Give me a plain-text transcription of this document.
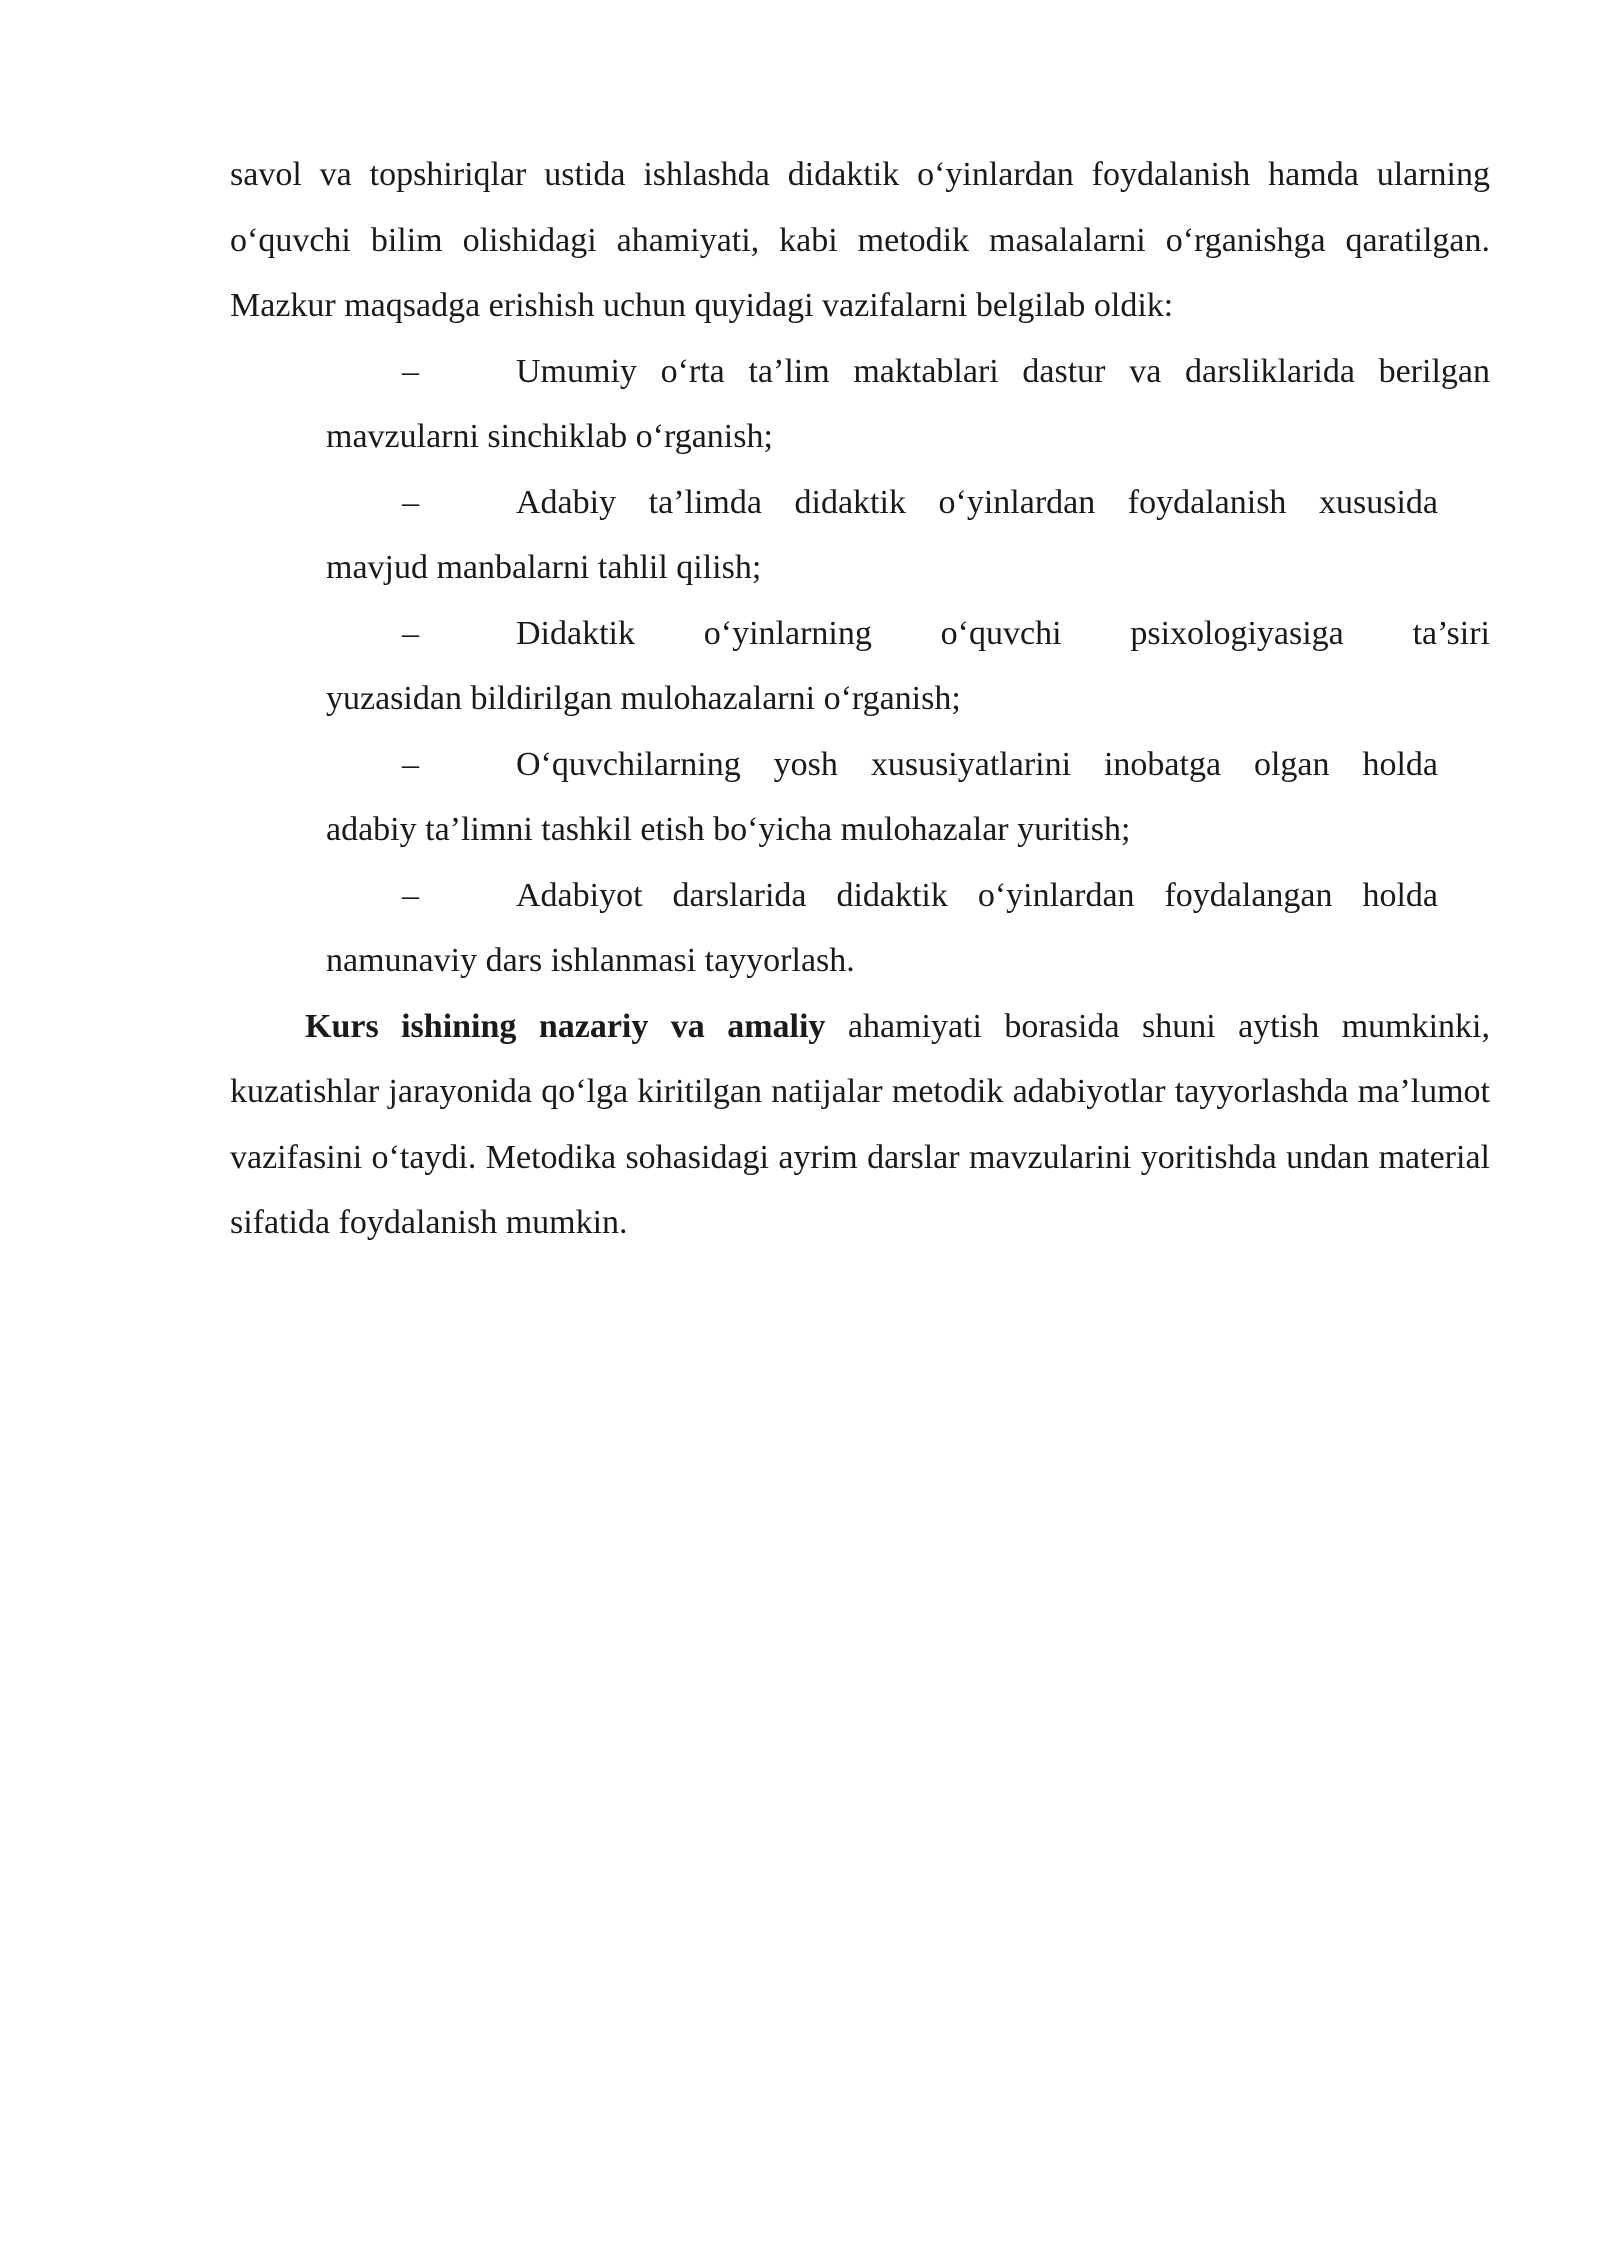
savol va topshiriqlar ustida ishlashda didaktik o‘yinlardan foydalanish hamda ularning o‘quvchi bilim olishidagi ahamiyati, kabi metodik masalalarni o‘rganishga qaratilgan. Mazkur maqsadga erishish uchun quyidagi vazifalarni belgilab oldik:

–	Umumiy o‘rta ta’lim maktablari dastur va darsliklarida berilgan
mavzularni sinchiklab o‘rganish;
–	Adabiy ta’limda didaktik o‘yinlardan foydalanish xususida
mavjud manbalarni tahlil qilish;
–	Didaktik o‘yinlarning o‘quvchi psixologiyasiga ta’siri
yuzasidan bildirilgan mulohazalarni o‘rganish;
–	O‘quvchilarning yosh xususiyatlarini inobatga olgan holda
adabiy ta’limni tashkil etish bo‘yicha mulohazalar yuritish;
–	Adabiyot darslarida didaktik o‘yinlardan foydalangan holda
namunaviy dars ishlanmasi tayyorlash.

Kurs ishining nazariy va amaliy ahamiyati borasida shuni aytish mumkinki, kuzatishlar jarayonida qo‘lga kiritilgan natijalar metodik adabiyotlar tayyorlashda ma’lumot vazifasini o‘taydi. Metodika sohasidagi ayrim darslar mavzularini yoritishda undan material sifatida foydalanish mumkin.
